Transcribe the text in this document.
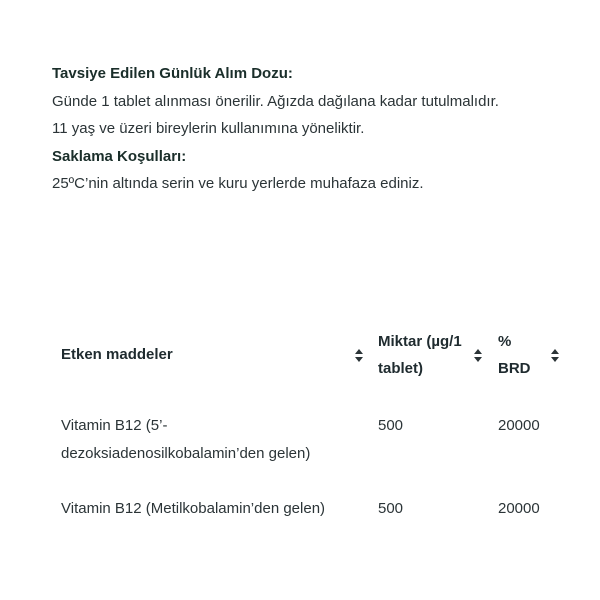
Tavsiye Edilen Günlük Alım Dozu:
Günde 1 tablet alınması önerilir. Ağızda dağılana kadar tutulmalıdır.
11 yaş ve üzeri bireylerin kullanımına yöneliktir.
Saklama Koşulları:
25ºC’nin altında serin ve kuru yerlerde muhafaza ediniz.
Etken maddeler	Miktar (µg/1 tablet)	% BRD

Vitamin B12 (5’-dezoksiadenosilkobalamin’den gelen)	500	20000
Vitamin B12 (Metilkobalamin’den gelen)	500	20000
